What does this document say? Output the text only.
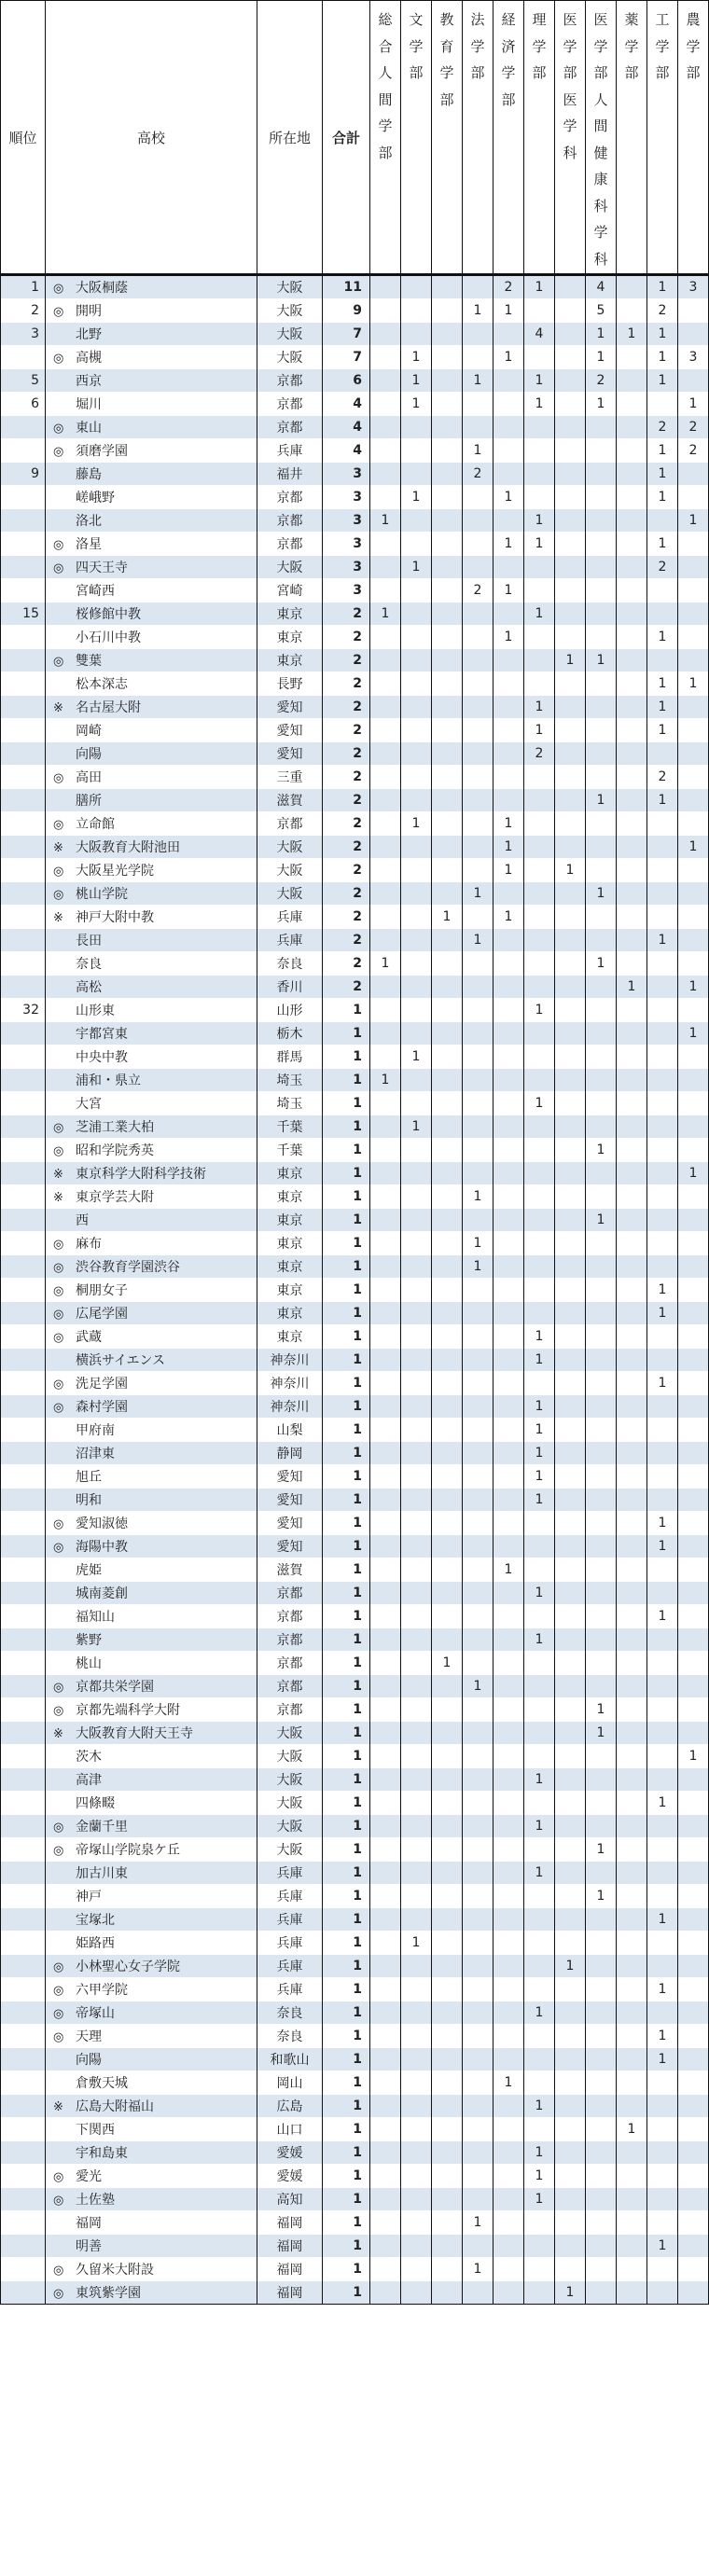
順位	高校	所在地	合計	総合人間学部	文学部	教育学部	法学部	経済学部	理学部	医学部医学科	医学部人間健康科学科	薬学部	工学部	農学部
1	◎ 大阪桐蔭	大阪	11					2	1		4		1	3
2	◎ 開明	大阪	9				1	1			5		2	
3	北野	大阪	7						4		1	1	1	
	◎ 高槻	大阪	7		1			1			1		1	3
5	西京	京都	6		1		1		1		2		1	
6	堀川	京都	4		1				1		1			1
	◎ 東山	京都	4										2	2
	◎ 須磨学園	兵庫	4				1						1	2
9	藤島	福井	3				2						1	
	嵯峨野	京都	3		1			1					1	
	洛北	京都	3	1					1					1
	◎ 洛星	京都	3					1	1				1	
	◎ 四天王寺	大阪	3		1								2	
	宮崎西	宮崎	3				2	1						
15	桜修館中教	東京	2	1					1					
	小石川中教	東京	2					1					1	
	◎ 雙葉	東京	2							1	1			
	松本深志	長野	2										1	1
	※ 名古屋大附	愛知	2						1				1	
	岡崎	愛知	2						1				1	
	向陽	愛知	2						2					
	◎ 高田	三重	2										2	
	膳所	滋賀	2								1		1	
	◎ 立命館	京都	2		1			1						
	※ 大阪教育大附池田	大阪	2					1						1
	◎ 大阪星光学院	大阪	2					1		1				
	◎ 桃山学院	大阪	2				1				1			
	※ 神戸大附中教	兵庫	2			1		1						
	長田	兵庫	2				1						1	
	奈良	奈良	2	1							1			
	高松	香川	2									1		1
32	山形東	山形	1						1					
	宇都宮東	栃木	1											1
	中央中教	群馬	1		1									
	浦和・県立	埼玉	1	1										
	大宮	埼玉	1						1					
	◎ 芝浦工業大柏	千葉	1		1									
	◎ 昭和学院秀英	千葉	1								1			
	※ 東京科学大附科学技術	東京	1											1
	※ 東京学芸大附	東京	1				1							
	西	東京	1								1			
	◎ 麻布	東京	1				1							
	◎ 渋谷教育学園渋谷	東京	1				1							
	◎ 桐朋女子	東京	1										1	
	◎ 広尾学園	東京	1										1	
	◎ 武蔵	東京	1						1					
	横浜サイエンス	神奈川	1						1					
	◎ 洗足学園	神奈川	1										1	
	◎ 森村学園	神奈川	1						1					
	甲府南	山梨	1						1					
	沼津東	静岡	1						1					
	旭丘	愛知	1						1					
	明和	愛知	1						1					
	◎ 愛知淑徳	愛知	1										1	
	◎ 海陽中教	愛知	1										1	
	虎姫	滋賀	1					1						
	城南菱創	京都	1						1					
	福知山	京都	1										1	
	紫野	京都	1						1					
	桃山	京都	1			1								
	◎ 京都共栄学園	京都	1				1							
	◎ 京都先端科学大附	京都	1								1			
	※ 大阪教育大附天王寺	大阪	1								1			
	茨木	大阪	1											1
	高津	大阪	1						1					
	四條畷	大阪	1										1	
	◎ 金蘭千里	大阪	1						1					
	◎ 帝塚山学院泉ケ丘	大阪	1								1			
	加古川東	兵庫	1						1					
	神戸	兵庫	1								1			
	宝塚北	兵庫	1										1	
	姫路西	兵庫	1		1									
	◎ 小林聖心女子学院	兵庫	1							1				
	◎ 六甲学院	兵庫	1										1	
	◎ 帝塚山	奈良	1						1					
	◎ 天理	奈良	1										1	
	向陽	和歌山	1										1	
	倉敷天城	岡山	1					1						
	※ 広島大附福山	広島	1						1					
	下関西	山口	1									1		
	宇和島東	愛媛	1						1					
	◎ 愛光	愛媛	1						1					
	◎ 土佐塾	高知	1						1					
	福岡	福岡	1				1							
	明善	福岡	1										1	
	◎ 久留米大附設	福岡	1				1							
	◎ 東筑紫学園	福岡	1							1				
